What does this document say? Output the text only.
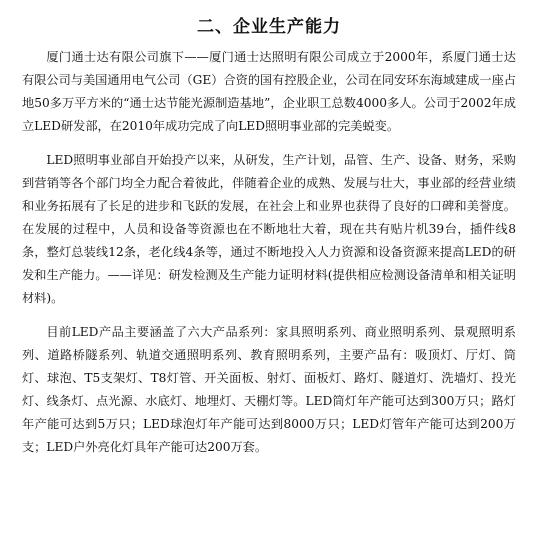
二、企业生产能力

厦门通士达有限公司旗下——厦门通士达照明有限公司成立于2000年，系厦门通士达有限公司与美国通用电气公司（GE）合资的国有控股企业，公司在同安环东海域建成一座占地50多万平方米的“通士达节能光源制造基地”，企业职工总数4000多人。公司于2002年成立LED研发部，在2010年成功完成了向LED照明事业部的完美蜕变。

LED照明事业部自开始投产以来，从研发，生产计划，品管、生产、设备、财务，采购到营销等各个部门均全力配合着彼此，伴随着企业的成熟、发展与壮大，事业部的经营业绩和业务拓展有了长足的进步和飞跃的发展，在社会上和业界也获得了良好的口碑和美誉度。在发展的过程中，人员和设备等资源也在不断地壮大着，现在共有贴片机39台，插件线8条，整灯总装线12条，老化线4条等，通过不断地投入人力资源和设备资源来提高LED的研发和生产能力。——详见：研发检测及生产能力证明材料(提供相应检测设备清单和相关证明材料)。

目前LED产品主要涵盖了六大产品系列：家具照明系列、商业照明系列、景观照明系列、道路桥隧系列、轨道交通照明系列、教育照明系列，主要产品有：吸顶灯、厅灯、筒灯、球泡、T5支架灯、T8灯管、开关面板、射灯、面板灯、路灯、隧道灯、洗墙灯、投光灯、线条灯、点光源、水底灯、地埋灯、天棚灯等。LED筒灯年产能可达到300万只；路灯年产能可达到5万只；LED球泡灯年产能可达到8000万只；LED灯管年产能可达到200万支；LED户外亮化灯具年产能可达200万套。
